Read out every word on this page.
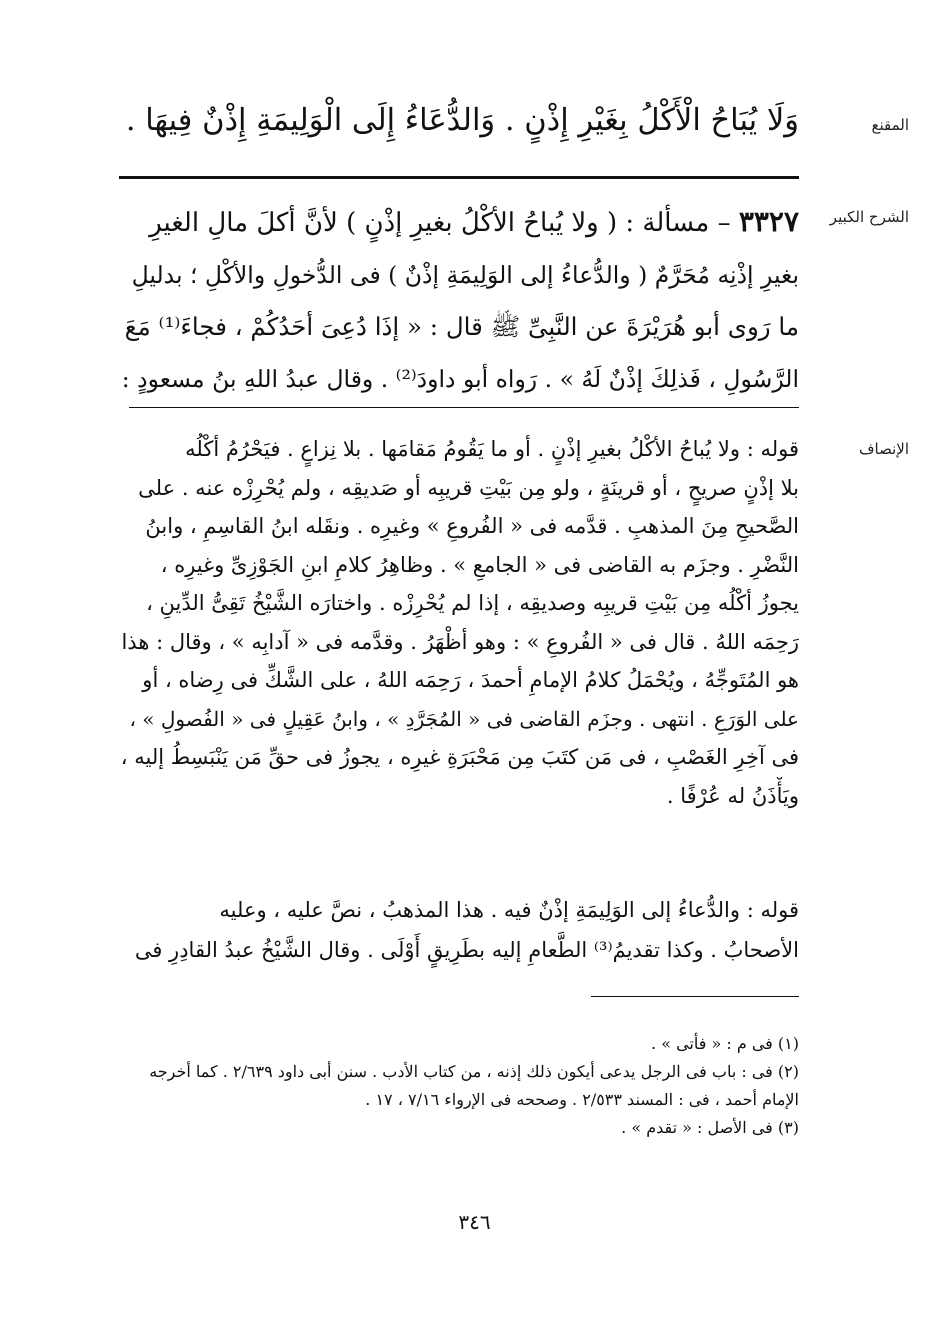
المقنع
وَلَا يُبَاحُ الْأَكْلُ بِغَيْرِ إِذْنٍ . وَالدُّعَاءُ إِلَى الْوَلِيمَةِ إِذْنٌ فِيهَا .
الشرح الكبير
٣٣٢٧ – مسألة : ( ولا يُباحُ الأكْلُ بغيرِ إذْنٍ ) لأنَّ أكلَ مالِ الغيرِ
بغيرِ إذْنِه مُحَرَّمٌ ( والدُّعاءُ إلى الوَلِيمَةِ إذْنٌ ) فى الدُّخولِ والأكْلِ ؛ بدليلِ
ما رَوى أبو هُرَيْرَةَ عن النَّبِىِّ ﷺ قال : « إذَا دُعِىَ أحَدُكُمْ ، فجاءَ⁽¹⁾ مَعَ
الرَّسُولِ ، فَذلِكَ إذْنٌ لَهُ » . رَواه أبو داودَ⁽²⁾ . وقال عبدُ اللهِ بنُ مسعودٍ :
الإنصاف
قوله : ولا يُباحُ الأكْلُ بغيرِ إذْنٍ . أو ما يَقُومُ مَقامَها . بلا نِزاعٍ . فيَحْرُمُ أكْلُه
بلا إذْنٍ صريحٍ ، أو قرينَةٍ ، ولو مِن بَيْتِ قريبِه أو صَديقِه ، ولم يُحْرِزْه عنه . على
الصَّحيحِ مِنَ المذهبِ . قدَّمه فى « الفُروعِ » وغيرِه . ونقَله ابنُ القاسِمِ ، وابنُ
النَّضْرِ . وجزَم به القاضى فى « الجامعِ » . وظاهِرُ كلامِ ابنِ الجَوْزِىِّ وغيرِه ،
يجوزُ أكْلُه مِن بَيْتِ قريبِه وصديقِه ، إذا لم يُحْرِزْه . واختارَه الشَّيْخُ تَقِىُّ الدِّينِ ،
رَحِمَه اللهُ . قال فى « الفُروعِ » : وهو أظْهَرُ . وقدَّمه فى « آدابِه » ، وقال : هذا
هو المُتَوجِّهُ ، ويُحْمَلُ كلامُ الإمامِ أحمدَ ، رَحِمَه اللهُ ، على الشَّكِّ فى رِضاه ، أو
على الوَرَعِ . انتهى . وجزَم القاضى فى « المُجَرَّدِ » ، وابنُ عَقِيلٍ فى « الفُصولِ » ،
فى آخِرِ الغَصْبِ ، فى مَن كتَبَ مِن مَحْبَرَةِ غيرِه ، يجوزُ فى حقِّ مَن يَنْبَسِطُ إليه ،
ويَأْذَنُ له عُرْفًا .
قوله : والدُّعاءُ إلى الوَلِيمَةِ إذْنٌ فيه . هذا المذهبُ ، نصَّ عليه ، وعليه
الأصحابُ . وكذا تقديمُ⁽³⁾ الطَّعامِ إليه بطَرِيقٍ أَوْلَى . وقال الشَّيْخُ عبدُ القادِرِ فى
(١) فى م : « فأتى » .
(٢) فى : باب فى الرجل يدعى أيكون ذلك إذنه ، من كتاب الأدب . سنن أبى داود ٢/٦٣٩ . كما أخرجه
الإمام أحمد ، فى : المسند ٢/٥٣٣ . وصححه فى الإرواء ٧/١٦ ، ١٧ .
(٣) فى الأصل : « تقدم » .
٣٤٦
